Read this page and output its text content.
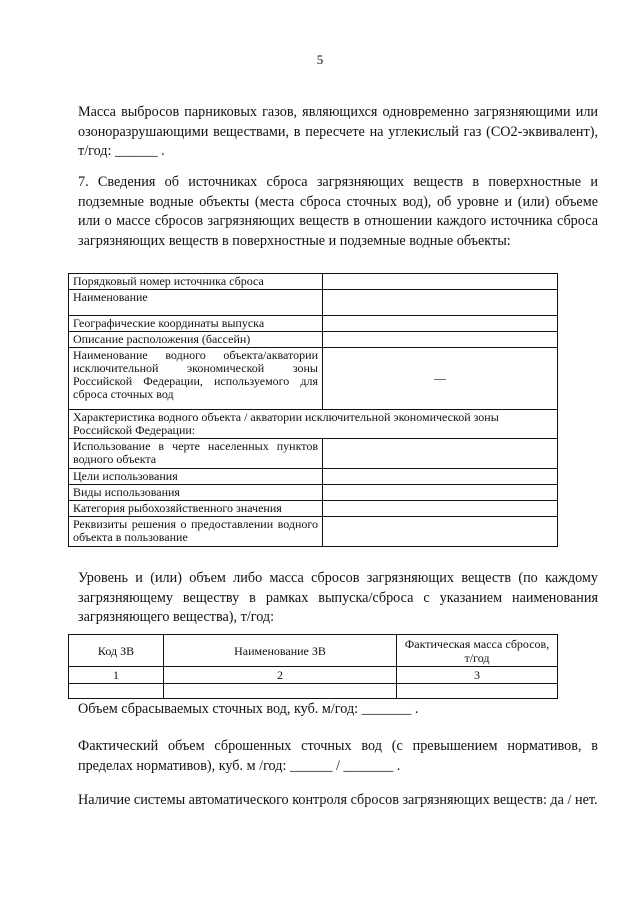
5

Масса выбросов парниковых газов, являющихся одновременно загрязняющими или озоноразрушающими веществами, в пересчете на углекислый газ (СО2-эквивалент), т/год: ______ .

7. Сведения об источниках сброса загрязняющих веществ в поверхностные и подземные водные объекты (места сброса сточных вод), об уровне и (или) объеме или о массе сбросов загрязняющих веществ в отношении каждого источника сброса загрязняющих веществ в поверхностные и подземные водные объекты:

Порядковый номер источника сброса	
Наименование	
Географические координаты выпуска	
Описание расположения (бассейн)	
Наименование водного объекта/акватории исключительной экономической зоны Российской Федерации, используемого для сброса сточных вод	—
Характеристика водного объекта / акватории исключительной экономической зоны Российской Федерации:	
Использование в черте населенных пунктов водного объекта	
Цели использования	
Виды использования	
Категория рыбохозяйственного значения	
Реквизиты решения о предоставлении водного объекта в пользование	

Уровень и (или) объем либо масса сбросов загрязняющих веществ (по каждому загрязняющему веществу в рамках выпуска/сброса с указанием наименования загрязняющего вещества), т/год:

Код ЗВ	Наименование ЗВ	Фактическая масса сбросов, т/год
1	2	3

Объем сбрасываемых сточных вод, куб. м/год: _______ .

Фактический объем сброшенных сточных вод (с превышением нормативов, в пределах нормативов), куб. м /год: ______ / _______ .

Наличие системы автоматического контроля сбросов загрязняющих веществ: да / нет.
